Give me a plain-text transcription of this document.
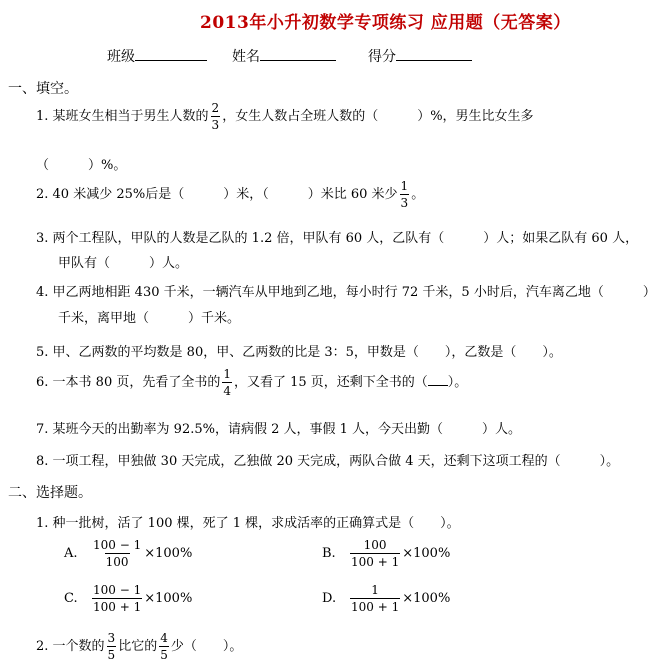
2013年小升初数学专项练习 应用题（无答案）
班级	姓名	得分
一、填空。
1. 某班女生相当于男生人数的 $\frac{2}{3}$ ，女生人数占全班人数的（　　　）%，男生比女生多
（　　　）%。
2. 40 米减少 25%后是（　　　）米，（　　　）米比 60 米少 $\frac{1}{3}$ 。
3. 两个工程队，甲队的人数是乙队的 1.2 倍，甲队有 60 人，乙队有（　　　）人；如果乙队有 60 人，
甲队有（　　　）人。
4. 甲乙两地相距 430 千米，一辆汽车从甲地到乙地，每小时行 72 千米，5 小时后，汽车离乙地（　　　）
千米，离甲地（　　　）千米。
5. 甲、乙两数的平均数是 80，甲、乙两数的比是 3：5，甲数是（　　），乙数是（　　）。
6. 一本书 80 页，先看了全书的 $\frac{1}{4}$ ，又看了 15 页，还剩下全书的（ ）。
7. 某班今天的出勤率为 92.5%，请病假 2 人，事假 1 人，今天出勤（　　　）人。
8. 一项工程，甲独做 30 天完成，乙独做 20 天完成，两队合做 4 天，还剩下这项工程的（　　　）。
二、选择题。
1. 种一批树，活了 100 棵，死了 1 棵，求成活率的正确算式是（　　）。
A. $\frac{100 - 1}{100} \times 100\%$	B. $\frac{100}{100 + 1} \times 100\%$
C. $\frac{100 - 1}{100 + 1} \times 100\%$	D. $\frac{1}{100 + 1} \times 100\%$
2. 一个数的 $\frac{3}{5}$ 比它的 $\frac{4}{5}$ 少（　　）。
